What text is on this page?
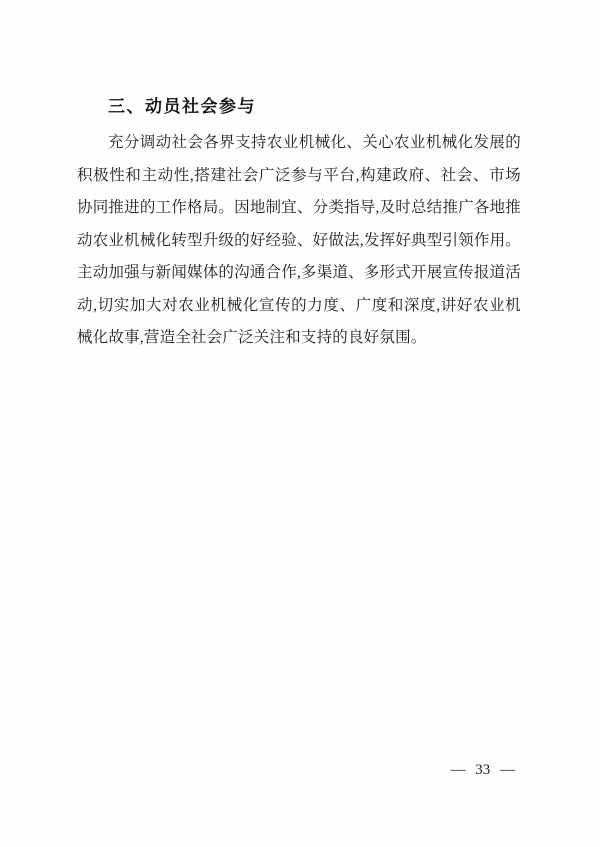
三、动员社会参与

充分调动社会各界支持农业机械化、关心农业机械化发展的积极性和主动性,搭建社会广泛参与平台,构建政府、社会、市场协同推进的工作格局。因地制宜、分类指导,及时总结推广各地推动农业机械化转型升级的好经验、好做法,发挥好典型引领作用。主动加强与新闻媒体的沟通合作,多渠道、多形式开展宣传报道活动,切实加大对农业机械化宣传的力度、广度和深度,讲好农业机械化故事,营造全社会广泛关注和支持的良好氛围。

— 33 —
